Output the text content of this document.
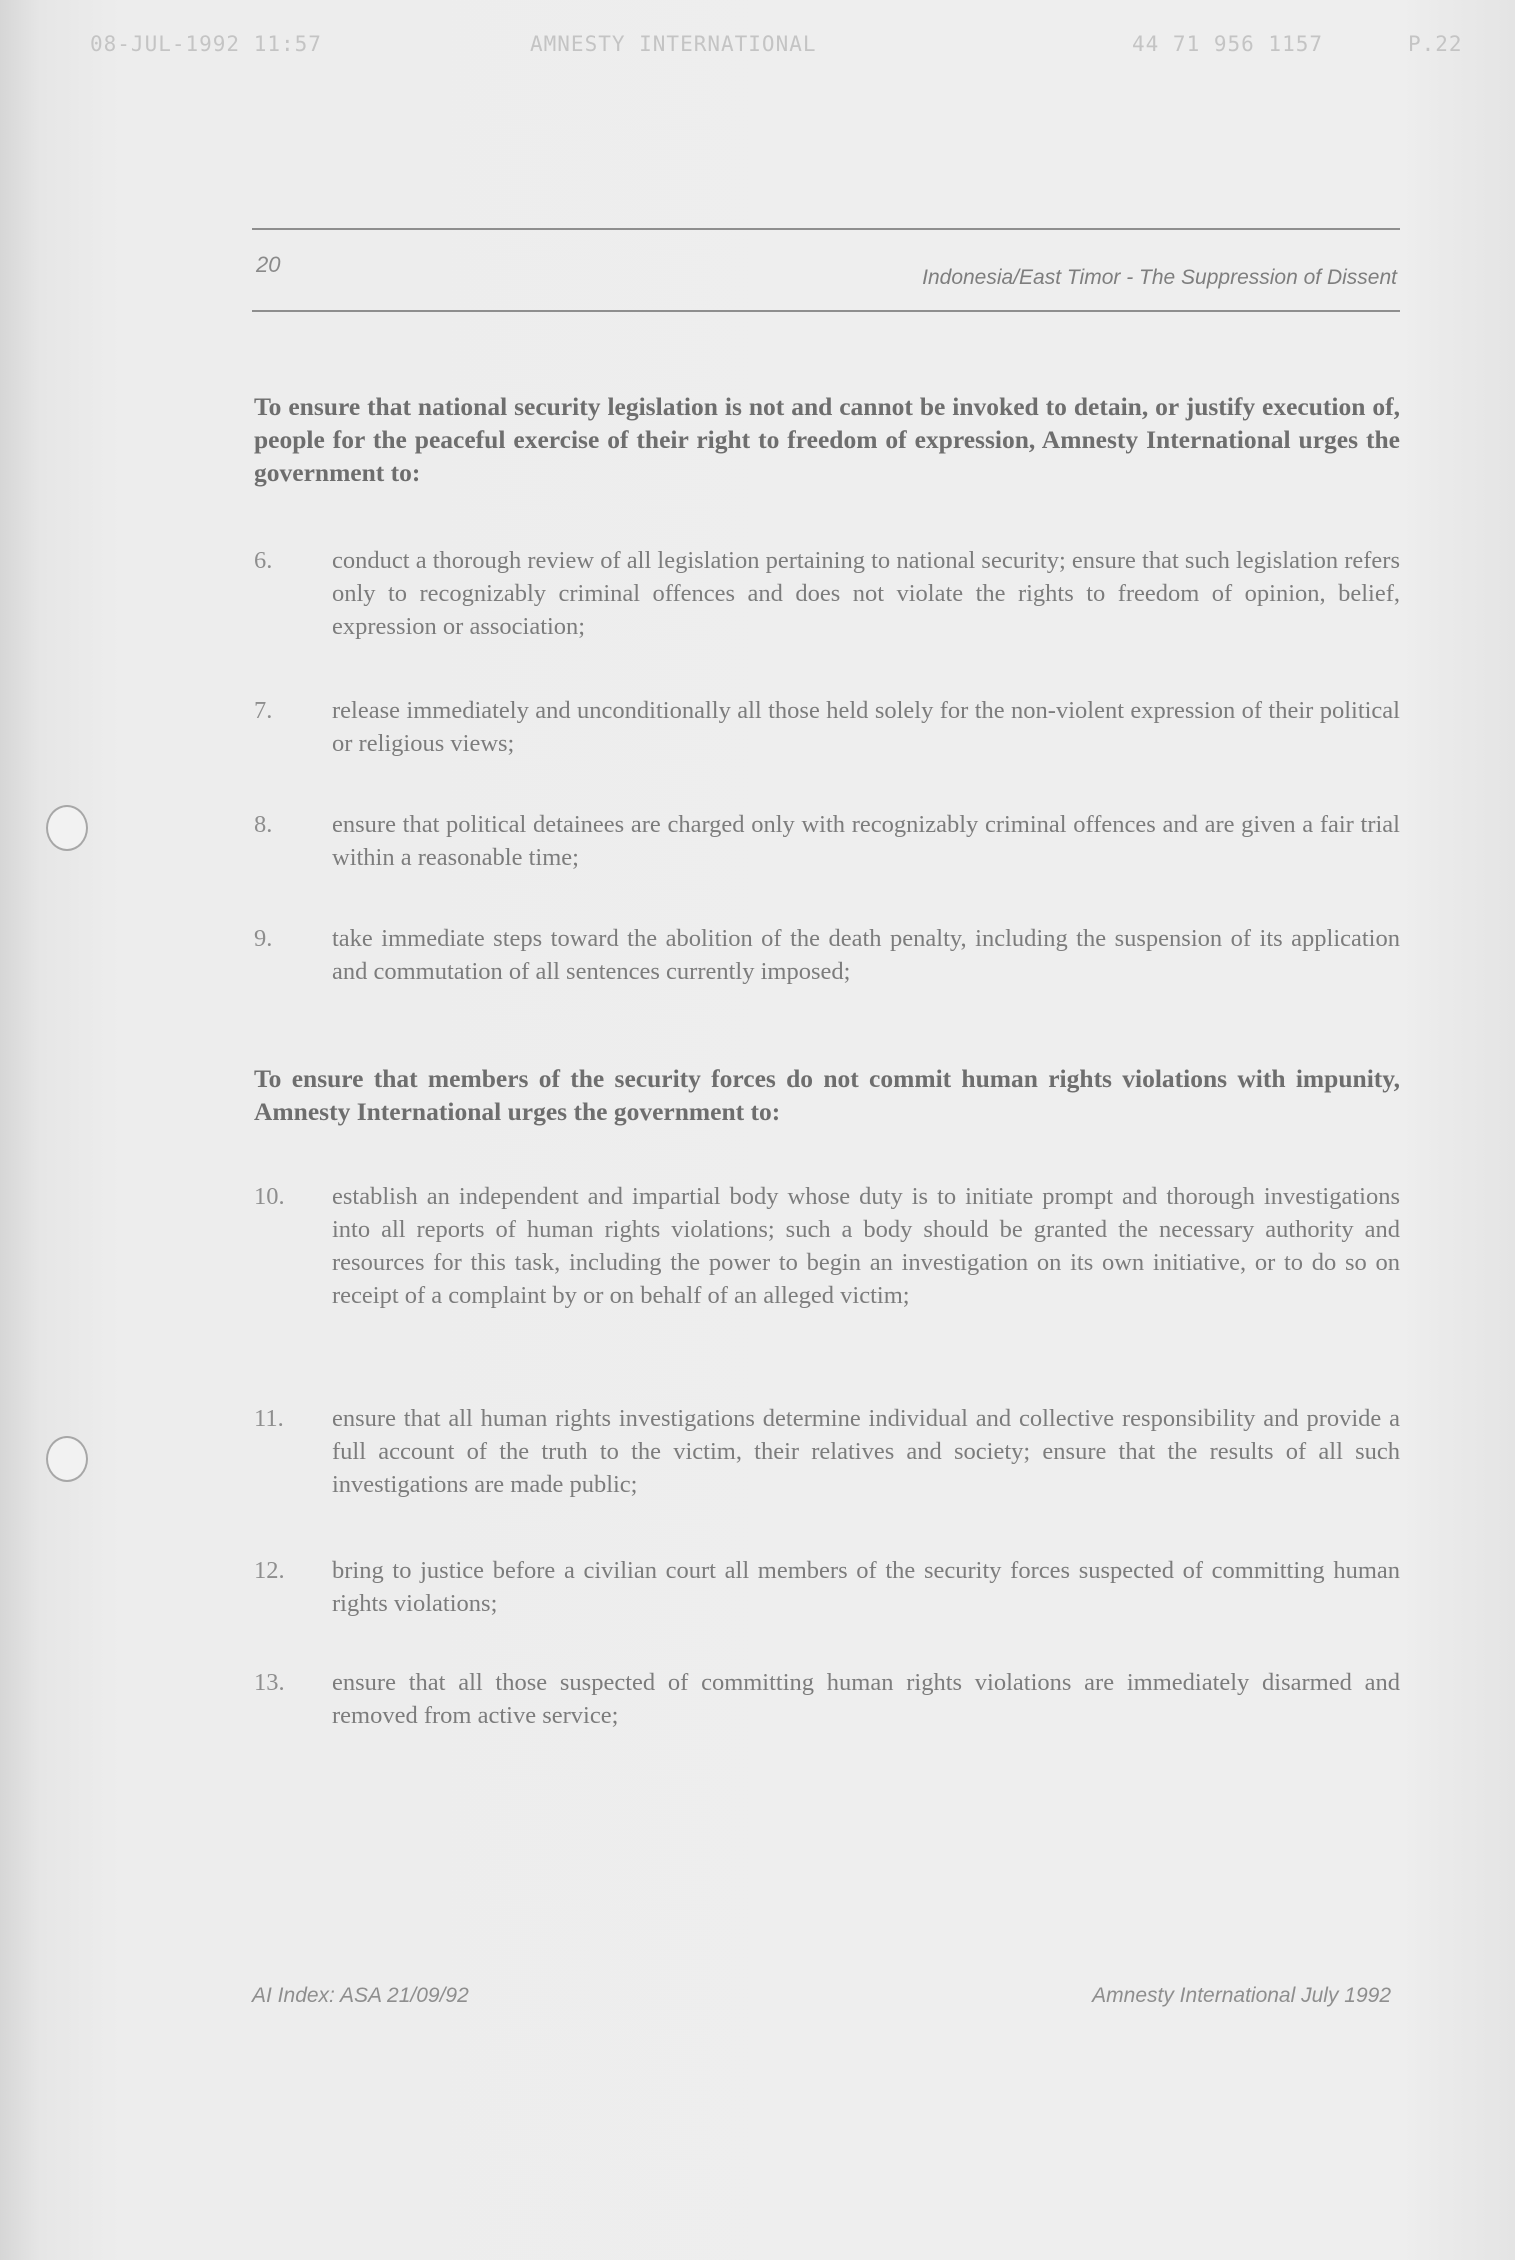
08-JUL-1992 11:57	AMNESTY INTERNATIONAL	44 71 956 1157	P.22
20
Indonesia/East Timor - The Suppression of Dissent
To ensure that national security legislation is not and cannot be invoked to detain, or justify execution of, people for the peaceful exercise of their right to freedom of expression, Amnesty International urges the government to:
6.	conduct a thorough review of all legislation pertaining to national security; ensure that such legislation refers only to recognizably criminal offences and does not violate the rights to freedom of opinion, belief, expression or association;
7.	release immediately and unconditionally all those held solely for the non-violent expression of their political or religious views;
8.	ensure that political detainees are charged only with recognizably criminal offences and are given a fair trial within a reasonable time;
9.	take immediate steps toward the abolition of the death penalty, including the suspension of its application and commutation of all sentences currently imposed;
To ensure that members of the security forces do not commit human rights violations with impunity, Amnesty International urges the government to:
10.	establish an independent and impartial body whose duty is to initiate prompt and thorough investigations into all reports of human rights violations; such a body should be granted the necessary authority and resources for this task, including the power to begin an investigation on its own initiative, or to do so on receipt of a complaint by or on behalf of an alleged victim;
11.	ensure that all human rights investigations determine individual and collective responsibility and provide a full account of the truth to the victim, their relatives and society; ensure that the results of all such investigations are made public;
12.	bring to justice before a civilian court all members of the security forces suspected of committing human rights violations;
13.	ensure that all those suspected of committing human rights violations are immediately disarmed and removed from active service;
AI Index: ASA 21/09/92	Amnesty International July 1992
